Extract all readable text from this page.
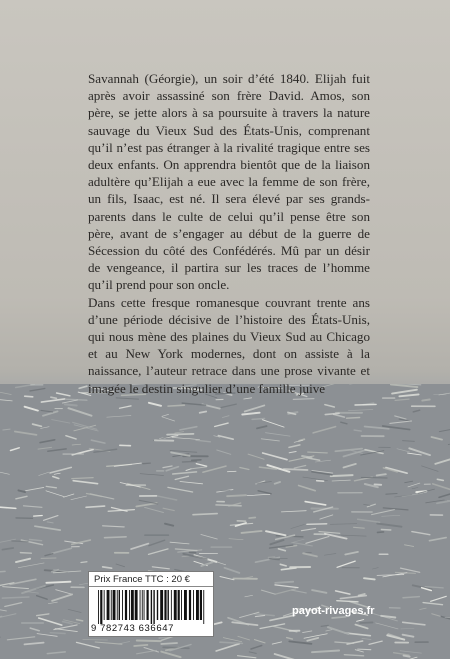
Savannah (Géorgie), un soir d’été 1840. Elijah fuit après avoir assassiné son frère David. Amos, son père, se jette alors à sa poursuite à travers la nature sauvage du Vieux Sud des États-Unis, comprenant qu’il n’est pas étranger à la rivalité tragique entre ses deux enfants. On apprendra bientôt que de la liaison adultère qu’Elijah a eue avec la femme de son frère, un fils, Isaac, est né. Il sera élevé par ses grands-parents dans le culte de celui qu’il pense être son père, avant de s’engager au début de la guerre de Sécession du côté des Confédérés. Mû par un désir de vengeance, il partira sur les traces de l’homme qu’il prend pour son oncle.

Dans cette fresque romanesque couvrant trente ans d’une période décisive de l’histoire des États-Unis, qui nous mène des plaines du Vieux Sud au Chicago et au New York modernes, dont on assiste à la naissance, l’auteur retrace dans une prose vivante et imagée le destin singulier d’une famille juive

Prix France TTC : 20 €
9 782743 636647
payot-rivages.fr
